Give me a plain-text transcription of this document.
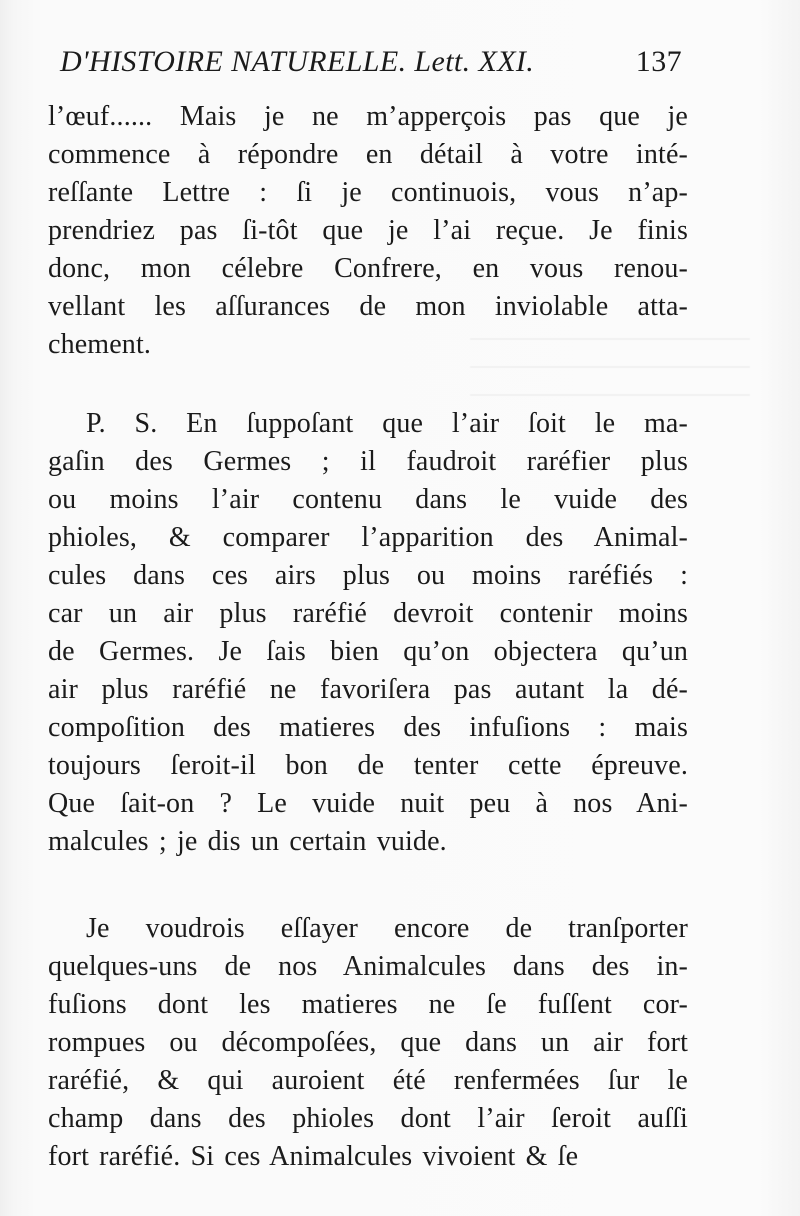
D'HISTOIRE NATURELLE. Lett. XXI.	137
l’œuf...... Mais je ne m’apperçois pas que je
commence à répondre en détail à votre inté-
reſſante Lettre : ſi je continuois, vous n’ap-
prendriez pas ſi-tôt que je l’ai reçue. Je finis
donc, mon célebre Confrere, en vous renou-
vellant les aſſurances de mon inviolable atta-
chement.
P. S. En ſuppoſant que l’air ſoit le ma-
gaſin des Germes ; il faudroit raréfier plus
ou moins l’air contenu dans le vuide des
phioles, & comparer l’apparition des Animal-
cules dans ces airs plus ou moins raréfiés :
car un air plus raréfié devroit contenir moins
de Germes. Je ſais bien qu’on objectera qu’un
air plus raréfié ne favoriſera pas autant la dé-
compoſition des matieres des infuſions : mais
toujours ſeroit-il bon de tenter cette épreuve.
Que ſait-on ? Le vuide nuit peu à nos Ani-
malcules ; je dis un certain vuide.
Je voudrois eſſayer encore de tranſporter
quelques-uns de nos Animalcules dans des in-
fuſions dont les matieres ne ſe fuſſent cor-
rompues ou décompoſées, que dans un air fort
raréfié, & qui auroient été renfermées ſur le
champ dans des phioles dont l’air ſeroit auſſi
fort raréfié. Si ces Animalcules vivoient & ſe
